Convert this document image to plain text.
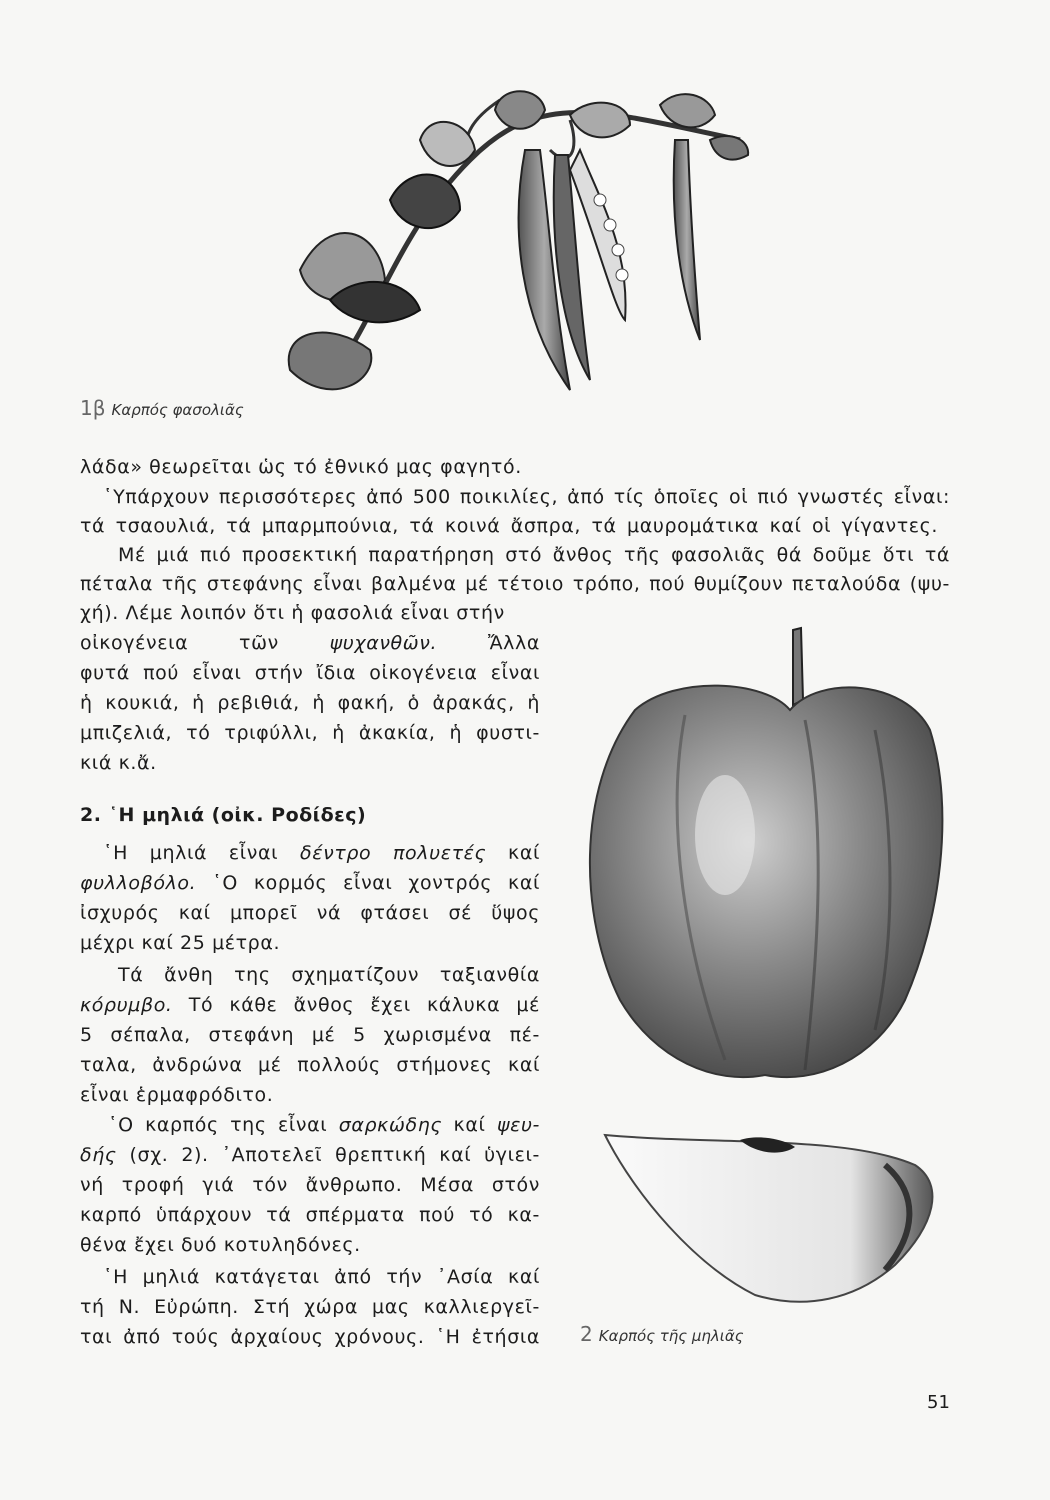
1β Καρπός φασολιᾶς
λάδα» θεωρεῖται ὡς τό ἐθνικό μας φαγητό.
῾Υπάρχουν περισσότερες ἀπό 500 ποικιλίες, ἀπό τίς ὁποῖες οἱ πιό γνωστές εἶναι:
τά τσαουλιά, τά μπαρμπούνια, τά κοινά ἄσπρα, τά μαυρομάτικα καί οἱ γίγαντες.
Μέ μιά πιό προσεκτική παρατήρηση στό ἄνθος τῆς φασολιᾶς θά δοῦμε ὅτι τά
πέταλα τῆς στεφάνης εἶναι βαλμένα μέ τέτοιο τρόπο, πού θυμίζουν πεταλούδα (ψυ-
χή). Λέμε λοιπόν ὅτι ἡ φασολιά εἶναι στήν
οἰκογένεια τῶν ψυχανθῶν. Ἄλλα
φυτά πού εἶναι στήν ἴδια οἰκογένεια εἶναι
ἡ κουκιά, ἡ ρεβιθιά, ἡ φακή, ὁ ἀρακάς, ἡ
μπιζελιά, τό τριφύλλι, ἡ ἀκακία, ἡ φυστι-
κιά κ.ἄ.
2. ῾Η μηλιά (οἰκ. Ροδίδες)
῾Η μηλιά εἶναι δέντρο πολυετές καί
φυλλοβόλο. ῾Ο κορμός εἶναι χοντρός καί
ἰσχυρός καί μπορεῖ νά φτάσει σέ ὕψος
μέχρι καί 25 μέτρα.
Τά ἄνθη της σχηματίζουν ταξιανθία
κόρυμβο. Τό κάθε ἄνθος ἔχει κάλυκα μέ
5 σέπαλα, στεφάνη μέ 5 χωρισμένα πέ-
ταλα, ἀνδρώνα μέ πολλούς στήμονες καί
εἶναι ἑρμαφρόδιτο.
῾Ο καρπός της εἶναι σαρκώδης καί ψευ-
δής (σχ. 2). ᾿Αποτελεῖ θρεπτική καί ὑγιει-
νή τροφή γιά τόν ἄνθρωπο. Μέσα στόν
καρπό ὑπάρχουν τά σπέρματα πού τό κα-
θένα ἔχει δυό κοτυληδόνες.
῾Η μηλιά κατάγεται ἀπό τήν ᾿Ασία καί
τή Ν. Εὐρώπη. Στή χώρα μας καλλιεργεῖ-
ται ἀπό τούς ἀρχαίους χρόνους. ῾Η ἐτήσια 2 Καρπός τῆς μηλιᾶς
51
